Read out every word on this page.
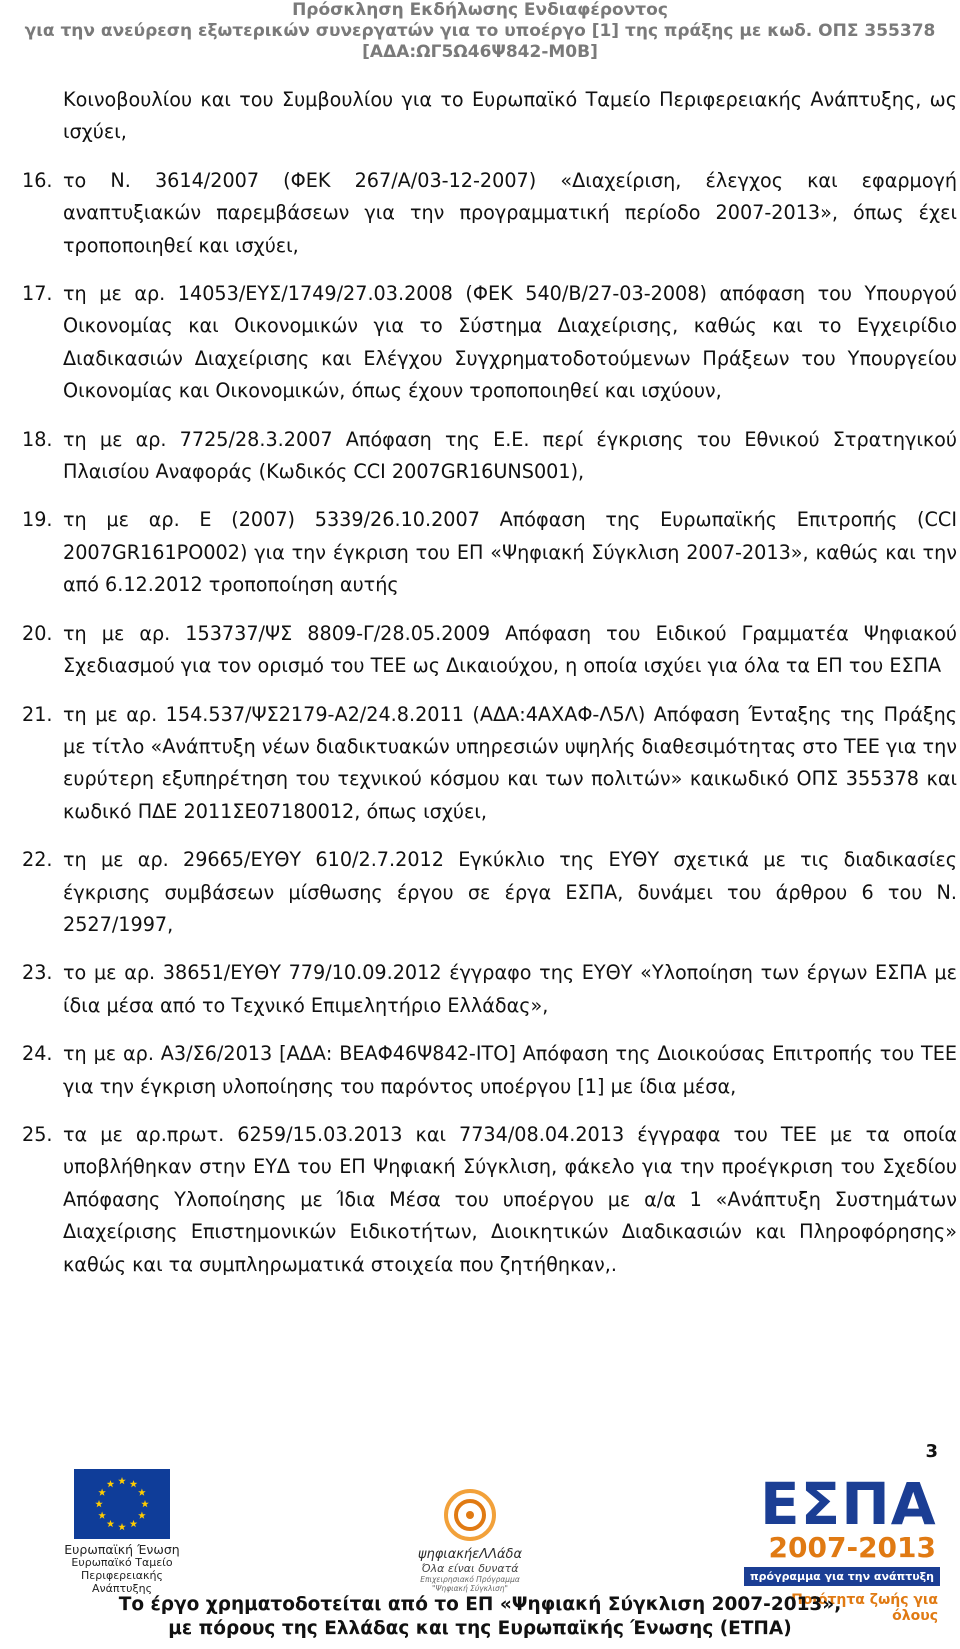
Πρόσκληση Εκδήλωσης Ενδιαφέροντος
για την ανεύρεση εξωτερικών συνεργατών για το υποέργο [1] της πράξης με κωδ. ΟΠΣ 355378
[ΑΔΑ:ΩΓ5Ω46Ψ842-Μ0Β]

Κοινοβουλίου και του Συμβουλίου για το Ευρωπαϊκό Ταμείο Περιφερειακής Ανάπτυξης, ως ισχύει,

16. το Ν. 3614/2007 (ΦΕΚ 267/Α/03-12-2007) «Διαχείριση, έλεγχος και εφαρμογή αναπτυξιακών παρεμβάσεων για την προγραμματική περίοδο 2007-2013», όπως έχει τροποποιηθεί και ισχύει,
17. τη με αρ. 14053/ΕΥΣ/1749/27.03.2008 (ΦΕΚ 540/Β/27-03-2008) απόφαση του Υπουργού Οικονομίας και Οικονομικών για το Σύστημα Διαχείρισης, καθώς και το Εγχειρίδιο Διαδικασιών Διαχείρισης και Ελέγχου Συγχρηματοδοτούμενων Πράξεων του Υπουργείου Οικονομίας και Οικονομικών, όπως έχουν τροποποιηθεί και ισχύουν,
18. τη με αρ. 7725/28.3.2007 Απόφαση της Ε.Ε. περί έγκρισης του Εθνικού Στρατηγικού Πλαισίου Αναφοράς (Κωδικός CCI 2007GR16UNS001),
19. τη με αρ. Ε (2007) 5339/26.10.2007 Απόφαση της Ευρωπαϊκής Επιτροπής (CCI 2007GR161PO002) για την έγκριση του ΕΠ «Ψηφιακή Σύγκλιση 2007-2013», καθώς και την από 6.12.2012 τροποποίηση αυτής
20. τη με αρ. 153737/ΨΣ 8809-Γ/28.05.2009 Απόφαση του Ειδικού Γραμματέα Ψηφιακού Σχεδιασμού για τον ορισμό του ΤΕΕ ως Δικαιούχου, η οποία ισχύει για όλα τα ΕΠ του ΕΣΠΑ
21. τη με αρ. 154.537/ΨΣ2179-Α2/24.8.2011 (ΑΔΑ:4ΑΧΑΦ-Λ5Λ) Απόφαση Ένταξης της Πράξης με τίτλο «Ανάπτυξη νέων διαδικτυακών υπηρεσιών υψηλής διαθεσιμότητας στο ΤΕΕ για την ευρύτερη εξυπηρέτηση του τεχνικού κόσμου και των πολιτών» καικωδικό ΟΠΣ 355378 και κωδικό ΠΔΕ 2011ΣΕ07180012, όπως ισχύει,
22. τη με αρ. 29665/ΕΥΘΥ 610/2.7.2012 Εγκύκλιο της ΕΥΘΥ σχετικά με τις διαδικασίες έγκρισης συμβάσεων μίσθωσης έργου σε έργα ΕΣΠΑ, δυνάμει του άρθρου 6 του Ν. 2527/1997,
23. το με αρ. 38651/ΕΥΘΥ 779/10.09.2012 έγγραφο της ΕΥΘΥ «Υλοποίηση των έργων ΕΣΠΑ με ίδια μέσα από το Τεχνικό Επιμελητήριο Ελλάδας»,
24. τη με αρ. Α3/Σ6/2013 [ΑΔΑ: ΒΕΑΦ46Ψ842-ΙΤΟ] Απόφαση της Διοικούσας Επιτροπής του ΤΕΕ για την έγκριση υλοποίησης του παρόντος υποέργου [1] με ίδια μέσα,
25. τα με αρ.πρωτ. 6259/15.03.2013 και 7734/08.04.2013 έγγραφα του ΤΕΕ με τα οποία υποβλήθηκαν στην ΕΥΔ του ΕΠ Ψηφιακή Σύγκλιση, φάκελο για την προέγκριση του Σχεδίου Απόφασης Υλοποίησης με Ίδια Μέσα του υποέργου με α/α 1 «Ανάπτυξη Συστημάτων Διαχείρισης Επιστημονικών Ειδικοτήτων, Διοικητικών Διαδικασιών και Πληροφόρησης» καθώς και τα συμπληρωματικά στοιχεία που ζητήθηκαν,.
3
Ευρωπαϊκή Ένωση
Ευρωπαϊκό Ταμείο
Περιφερειακής Ανάπτυξης
ψηφιακήεΛΛάδα
Όλα είναι δυνατά
Επιχειρησιακό Πρόγραμμα
"Ψηφιακή Σύγκλιση"
ΕΣΠΑ
2007-2013
πρόγραμμα για την ανάπτυξη
Ποιότητα ζωής για όλους
Το έργο χρηματοδοτείται από το ΕΠ «Ψηφιακή Σύγκλιση 2007-2013»,
με πόρους της Ελλάδας και της Ευρωπαϊκής Ένωσης (ΕΤΠΑ)
